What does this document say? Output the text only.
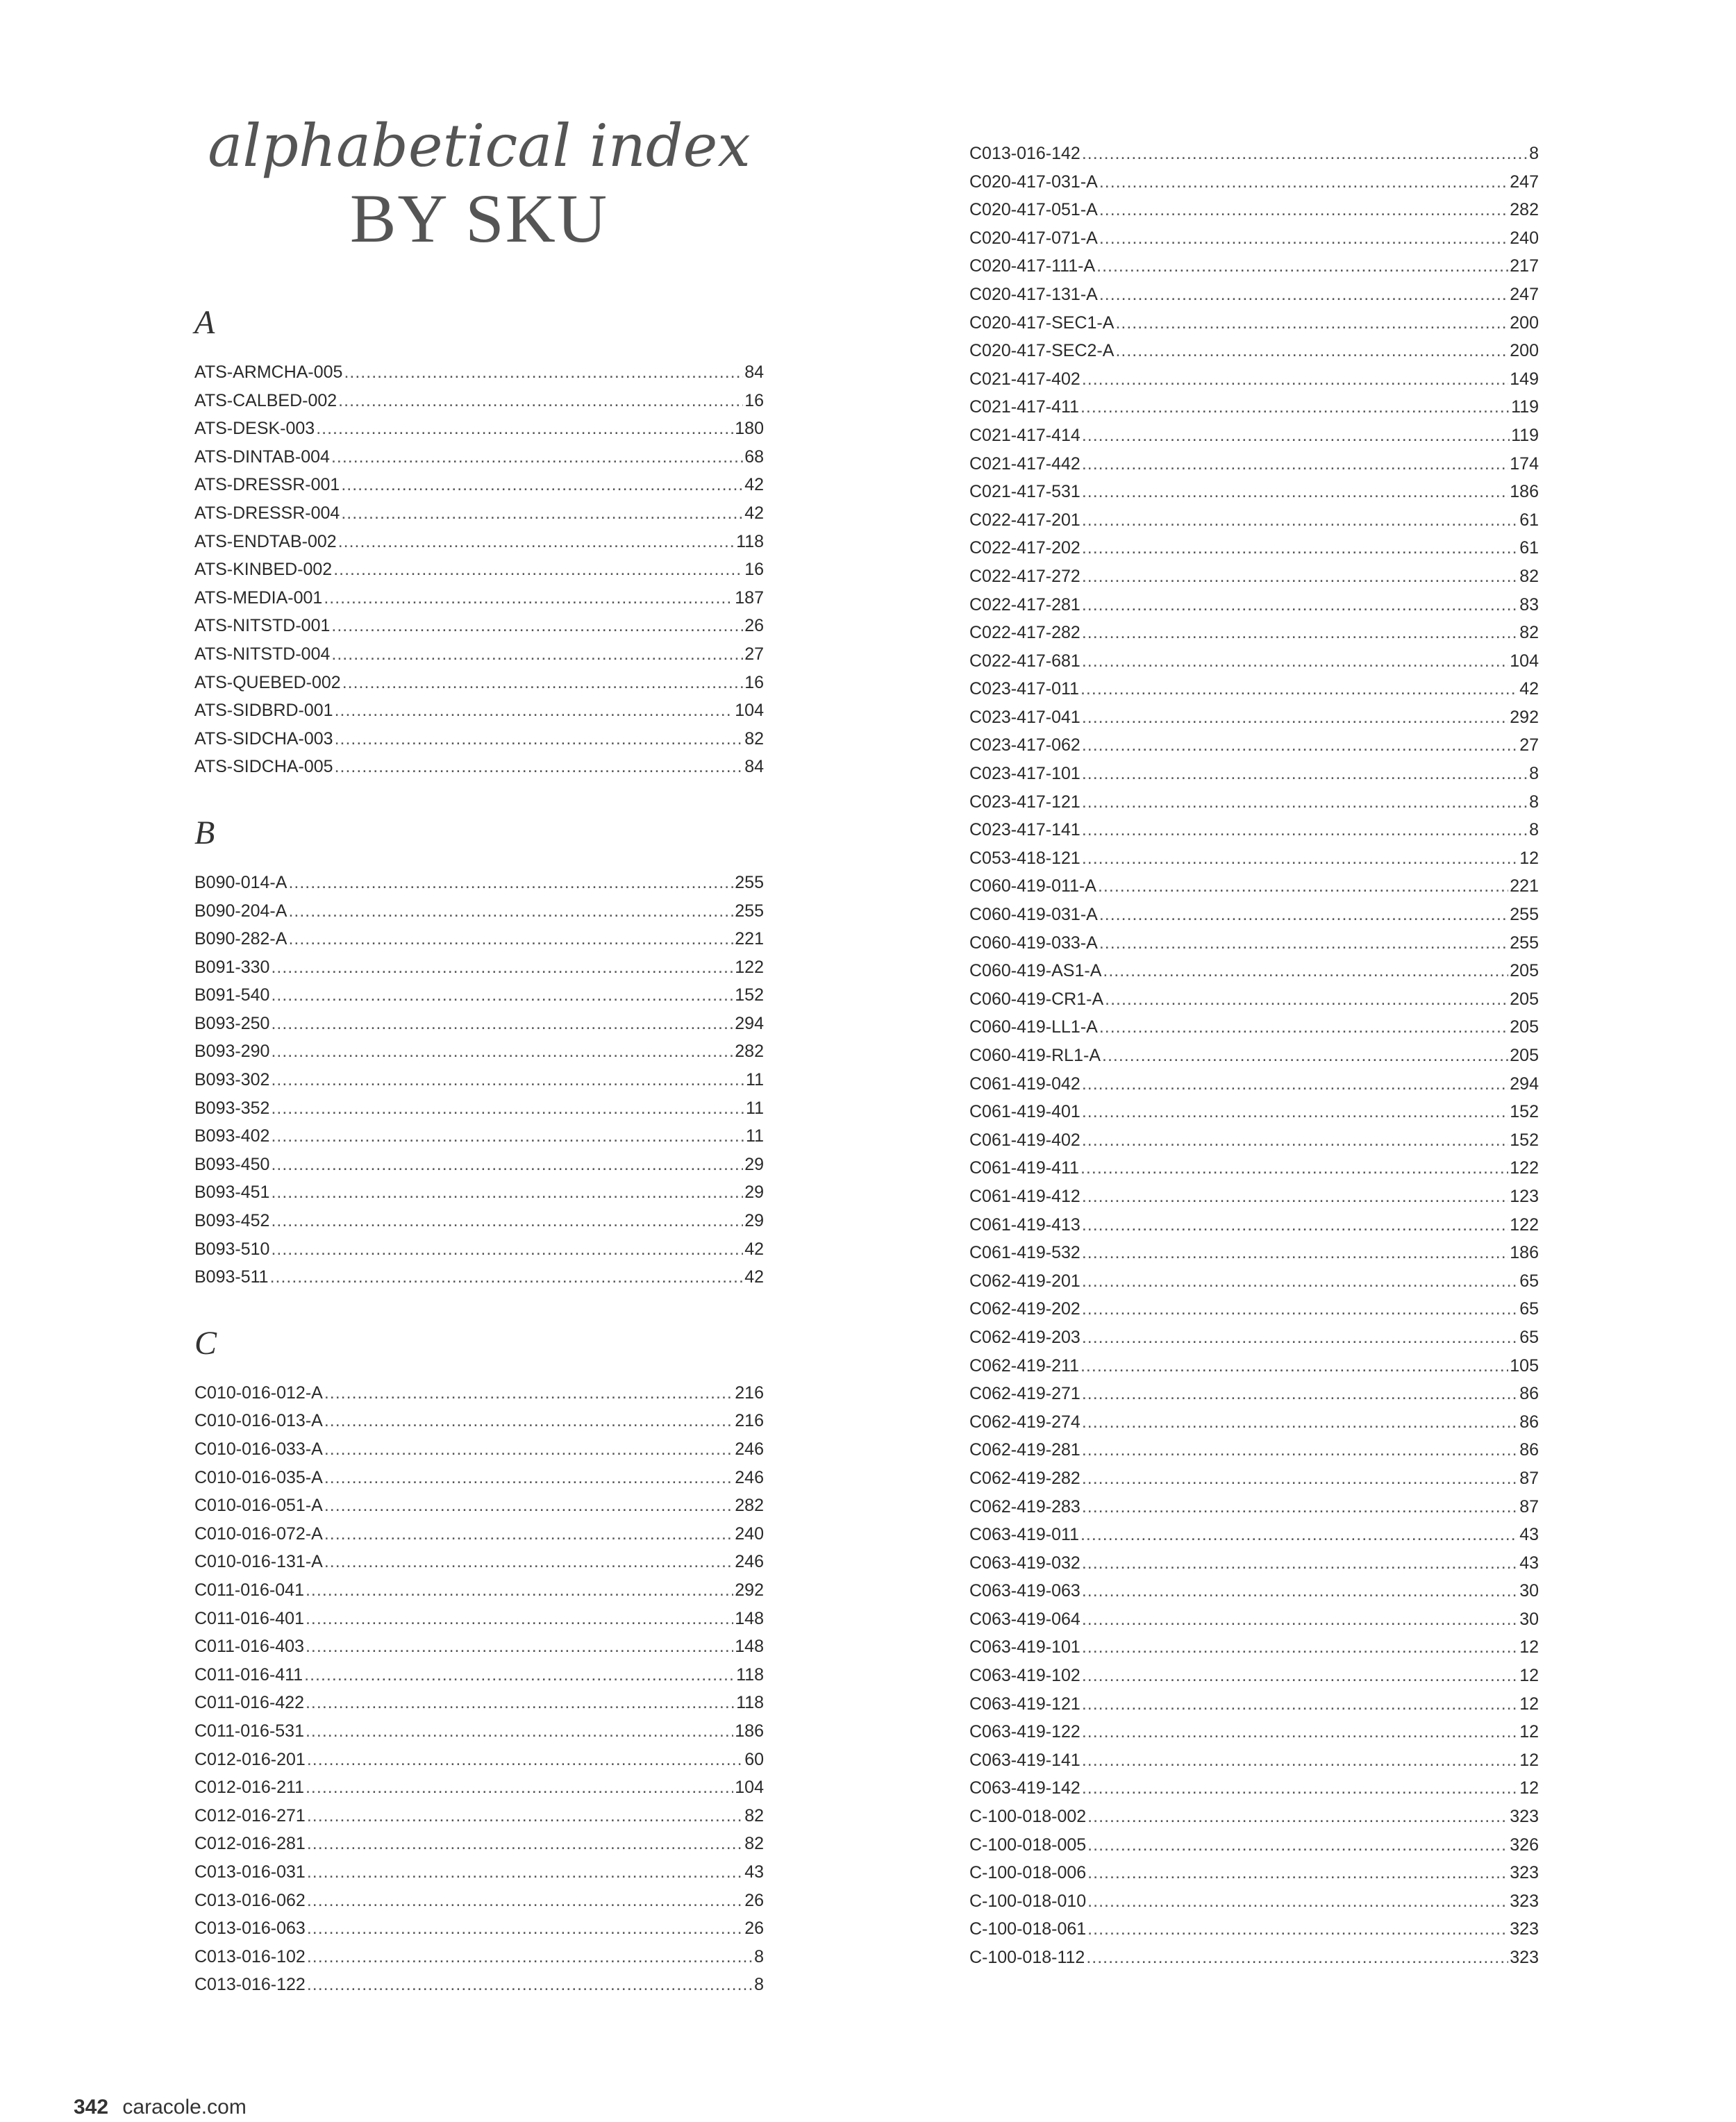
alphabetical index
BY SKU
A
ATS-ARMCHA-005 .....	84
ATS-CALBED-002 .....	16
ATS-DESK-003 .....	180
ATS-DINTAB-004 .....	68
ATS-DRESSR-001 .....	42
ATS-DRESSR-004 .....	42
ATS-ENDTAB-002 .....	118
ATS-KINBED-002 .....	16
ATS-MEDIA-001 .....	187
ATS-NITSTD-001 .....	26
ATS-NITSTD-004 .....	27
ATS-QUEBED-002 .....	16
ATS-SIDBRD-001 .....	104
ATS-SIDCHA-003 .....	82
ATS-SIDCHA-005 .....	84
B
B090-014-A .....	255
B090-204-A .....	255
B090-282-A .....	221
B091-330 .....	122
B091-540 .....	152
B093-250 .....	294
B093-290 .....	282
B093-302 .....	11
B093-352 .....	11
B093-402 .....	11
B093-450 .....	29
B093-451 .....	29
B093-452 .....	29
B093-510 .....	42
B093-511 .....	42
C
C010-016-012-A .....	216
C010-016-013-A .....	216
C010-016-033-A .....	246
C010-016-035-A .....	246
C010-016-051-A .....	282
C010-016-072-A .....	240
C010-016-131-A .....	246
C011-016-041 .....	292
C011-016-401 .....	148
C011-016-403 .....	148
C011-016-411 .....	118
C011-016-422 .....	118
C011-016-531 .....	186
C012-016-201 .....	60
C012-016-211 .....	104
C012-016-271 .....	82
C012-016-281 .....	82
C013-016-031 .....	43
C013-016-062 .....	26
C013-016-063 .....	26
C013-016-102 .....	8
C013-016-122 .....	8
C013-016-142 .....	8
C020-417-031-A .....	247
C020-417-051-A .....	282
C020-417-071-A .....	240
C020-417-111-A .....	217
C020-417-131-A .....	247
C020-417-SEC1-A .....	200
C020-417-SEC2-A .....	200
C021-417-402 .....	149
C021-417-411 .....	119
C021-417-414 .....	119
C021-417-442 .....	174
C021-417-531 .....	186
C022-417-201 .....	61
C022-417-202 .....	61
C022-417-272 .....	82
C022-417-281 .....	83
C022-417-282 .....	82
C022-417-681 .....	104
C023-417-011 .....	42
C023-417-041 .....	292
C023-417-062 .....	27
C023-417-101 .....	8
C023-417-121 .....	8
C023-417-141 .....	8
C053-418-121 .....	12
C060-419-011-A .....	221
C060-419-031-A .....	255
C060-419-033-A .....	255
C060-419-AS1-A .....	205
C060-419-CR1-A .....	205
C060-419-LL1-A .....	205
C060-419-RL1-A .....	205
C061-419-042 .....	294
C061-419-401 .....	152
C061-419-402 .....	152
C061-419-411 .....	122
C061-419-412 .....	123
C061-419-413 .....	122
C061-419-532 .....	186
C062-419-201 .....	65
C062-419-202 .....	65
C062-419-203 .....	65
C062-419-211 .....	105
C062-419-271 .....	86
C062-419-274 .....	86
C062-419-281 .....	86
C062-419-282 .....	87
C062-419-283 .....	87
C063-419-011 .....	43
C063-419-032 .....	43
C063-419-063 .....	30
C063-419-064 .....	30
C063-419-101 .....	12
C063-419-102 .....	12
C063-419-121 .....	12
C063-419-122 .....	12
C063-419-141 .....	12
C063-419-142 .....	12
C-100-018-002 .....	323
C-100-018-005 .....	326
C-100-018-006 .....	323
C-100-018-010 .....	323
C-100-018-061 .....	323
C-100-018-112 .....	323
342 caracole.com
